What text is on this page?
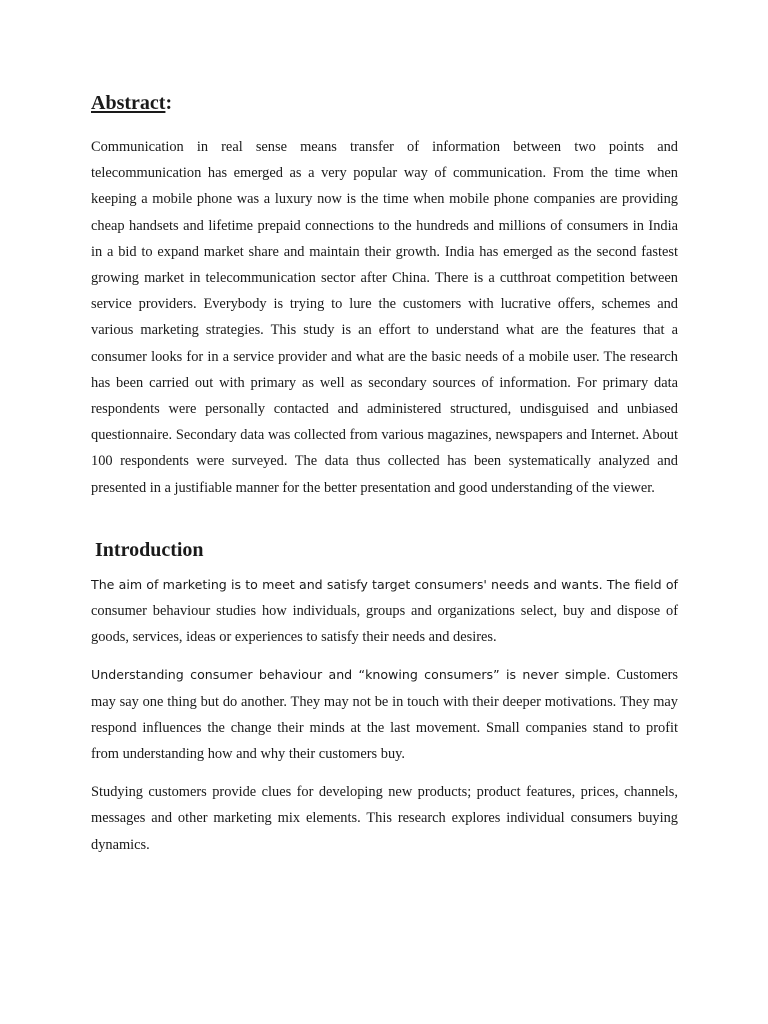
Abstract:

Communication in real sense means transfer of information between two points and telecommunication has emerged as a very popular way of communication. From the time when keeping a mobile phone was a luxury now is the time when mobile phone companies are providing cheap handsets and lifetime prepaid connections to the hundreds and millions of consumers in India in a bid to expand market share and maintain their growth. India has emerged as the second fastest growing market in telecommunication sector after China. There is a cutthroat competition between service providers. Everybody is trying to lure the customers with lucrative offers, schemes and various marketing strategies. This study is an effort to understand what are the features that a consumer looks for in a service provider and what are the basic needs of a mobile user. The research has been carried out with primary as well as secondary sources of information. For primary data respondents were personally contacted and administered structured, undisguised and unbiased questionnaire. Secondary data was collected from various magazines, newspapers and Internet. About 100 respondents were surveyed. The data thus collected has been systematically analyzed and presented in a justifiable manner for the better presentation and good understanding of the viewer.

Introduction

The aim of marketing is to meet and satisfy target consumers' needs and wants. The field of consumer behaviour studies how individuals, groups and organizations select, buy and dispose of goods, services, ideas or experiences to satisfy their needs and desires.

Understanding consumer behaviour and “knowing consumers” is never simple. Customers may say one thing but do another. They may not be in touch with their deeper motivations. They may respond influences the change their minds at the last movement. Small companies stand to profit from understanding how and why their customers buy.

Studying customers provide clues for developing new products; product features, prices, channels, messages and other marketing mix elements. This research explores individual consumers buying dynamics.
